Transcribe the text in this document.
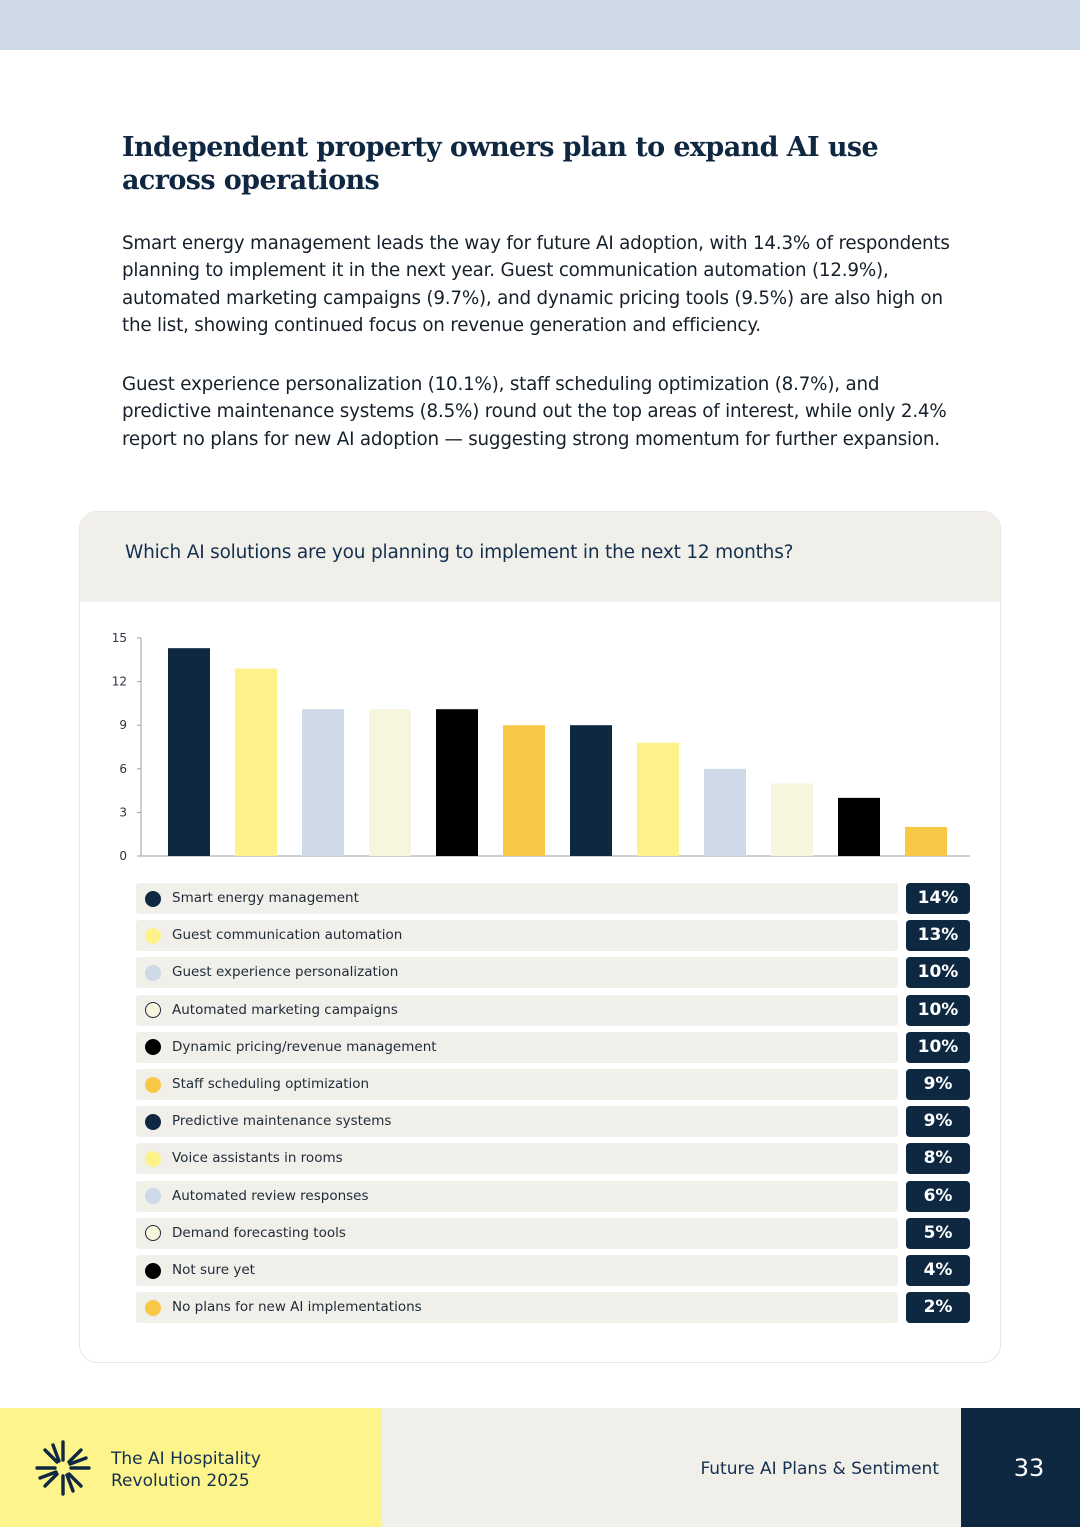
Independent property owners plan to expand AI use across operations

Smart energy management leads the way for future AI adoption, with 14.3% of respondents planning to implement it in the next year. Guest communication automation (12.9%), automated marketing campaigns (9.7%), and dynamic pricing tools (9.5%) are also high on the list, showing continued focus on revenue generation and efficiency.

Guest experience personalization (10.1%), staff scheduling optimization (8.7%), and predictive maintenance systems (8.5%) round out the top areas of interest, while only 2.4% report no plans for new AI adoption — suggesting strong momentum for further expansion.

Which AI solutions are you planning to implement in the next 12 months?

0
3
6
9
12
15
Smart energy management	14%
Guest communication automation	13%
Guest experience personalization	10%
Automated marketing campaigns	10%
Dynamic pricing/revenue management	10%
Staff scheduling optimization	9%
Predictive maintenance systems	9%
Voice assistants in rooms	8%
Automated review responses	6%
Demand forecasting tools	5%
Not sure yet	4%
No plans for new AI implementations	2%

The AI Hospitality
Revolution 2025

Future AI Plans & Sentiment	33
